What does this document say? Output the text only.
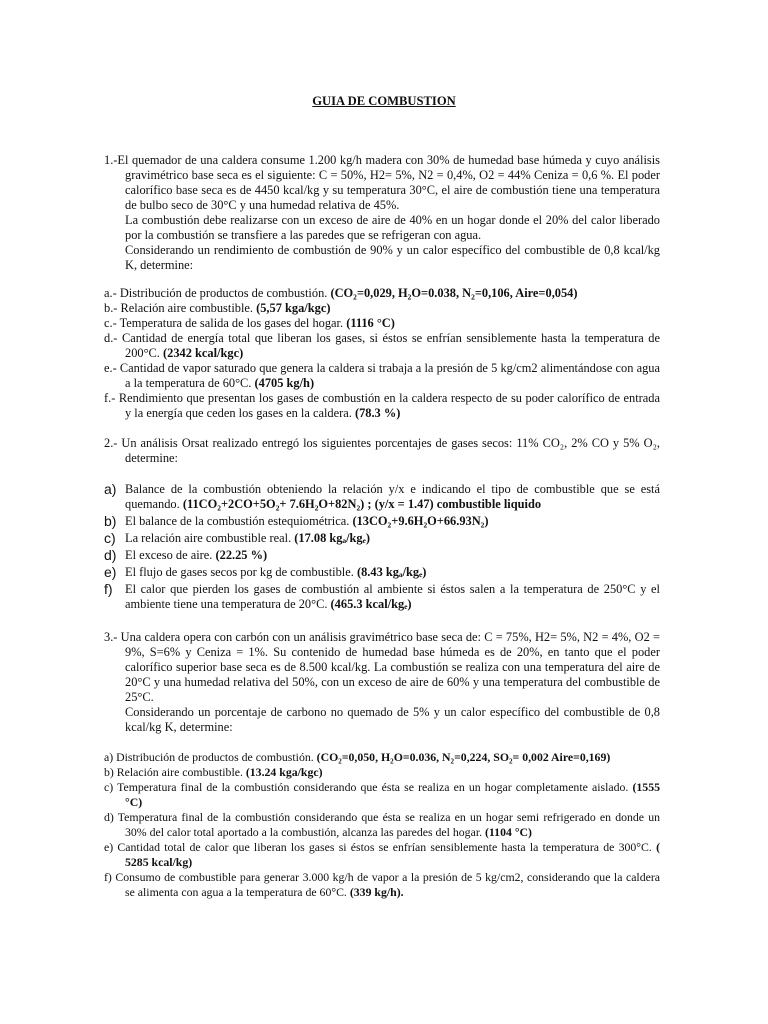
GUIA DE COMBUSTION

1.-El quemador de una caldera consume 1.200 kg/h madera con 30% de humedad base húmeda y cuyo análisis gravimétrico base seca es el siguiente: C = 50%, H2= 5%, N2 = 0,4%, O2 = 44% Ceniza = 0,6 %. El poder calorífico base seca es de 4450 kcal/kg y su temperatura 30°C, el aire de combustión tiene una temperatura de bulbo seco de 30°C y una humedad relativa de 45%.

La combustión debe realizarse con un exceso de aire de 40% en un hogar donde el 20% del calor liberado por la combustión se transfiere a las paredes que se refrigeran con agua.

Considerando un rendimiento de combustión de 90% y un calor específico del combustible de 0,8 kcal/kg K, determine:

a.- Distribución de productos de combustión. (CO₂=0,029, H₂O=0.038, N₂=0,106, Aire=0,054)

b.- Relación aire combustible. (5,57 kga/kgc)

c.- Temperatura de salida de los gases del hogar. (1116 °C)

d.- Cantidad de energía total que liberan los gases, si éstos se enfrían sensiblemente hasta la temperatura de 200°C. (2342 kcal/kgc)

e.- Cantidad de vapor saturado que genera la caldera si trabaja a la presión de 5 kg/cm2 alimentándose con agua a la temperatura de 60°C. (4705 kg/h)

f.- Rendimiento que presentan los gases de combustión en la caldera respecto de su poder calorífico de entrada y la energía que ceden los gases en la caldera. (78.3 %)

2.- Un análisis Orsat realizado entregó los siguientes porcentajes de gases secos: 11% CO₂, 2% CO y 5% O₂, determine:

a) Balance de la combustión obteniendo la relación y/x e indicando el tipo de combustible que se está quemando. (11CO₂+2CO+5O₂+ 7.6H₂O+82N₂) ; (y/x = 1.47) combustible liquido
b) El balance de la combustión estequiométrica. (13CO₂+9.6H₂O+66.93N₂)
c) La relación aire combustible real. (17.08 kgₐ/kgₑ)
d) El exceso de aire. (22.25 %)
e) El flujo de gases secos por kg de combustible. (8.43 kgₐ/kgₑ)
f)	El calor que pierden los gases de combustión al ambiente si éstos salen a la temperatura de 250°C y el ambiente tiene una temperatura de 20°C. (465.3 kcal/kgₑ)

3.- Una caldera opera con carbón con un análisis gravimétrico base seca de: C = 75%, H2= 5%, N2 = 4%, O2 = 9%, S=6% y Ceniza = 1%. Su contenido de humedad base húmeda es de 20%, en tanto que el poder calorífico superior base seca es de 8.500 kcal/kg. La combustión se realiza con una temperatura del aire de 20°C y una humedad relativa del 50%, con un exceso de aire de 60% y una temperatura del combustible de 25°C.

Considerando un porcentaje de carbono no quemado de 5% y un calor específico del combustible de 0,8 kcal/kg K, determine:

a) Distribución de productos de combustión. (CO₂=0,050, H₂O=0.036, N₂=0,224, SO₂= 0,002 Aire=0,169)

b) Relación aire combustible. (13.24 kga/kgc)

c) Temperatura final de la combustión considerando que ésta se realiza en un hogar completamente aislado. (1555 °C)

d) Temperatura final de la combustión considerando que ésta se realiza en un hogar semi refrigerado en donde un 30% del calor total aportado a la combustión, alcanza las paredes del hogar. (1104 °C)

e) Cantidad total de calor que liberan los gases si éstos se enfrían sensiblemente hasta la temperatura de 300°C. ( 5285 kcal/kg)

f) Consumo de combustible para generar 3.000 kg/h de vapor a la presión de 5 kg/cm2, considerando que la caldera se alimenta con agua a la temperatura de 60°C. (339 kg/h).
